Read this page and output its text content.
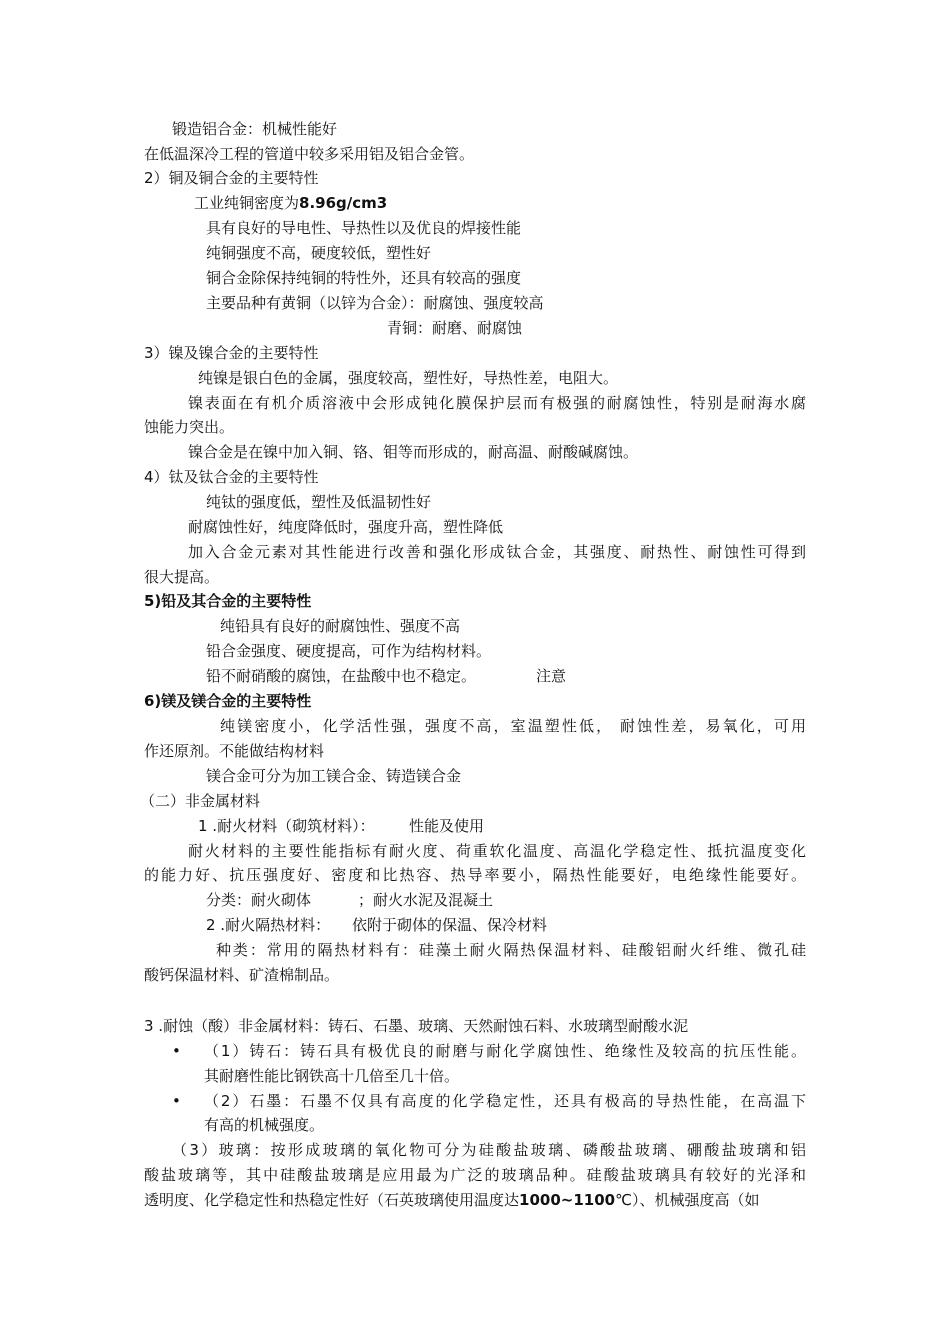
锻造铝合金：机械性能好
在低温深冷工程的管道中较多采用铝及铝合金管。
2）铜及铜合金的主要特性
工业纯铜密度为8.96g/cm3
具有良好的导电性、导热性以及优良的焊接性能
纯铜强度不高，硬度较低，塑性好
铜合金除保持纯铜的特性外，还具有较高的强度
主要品种有黄铜（以锌为合金）：耐腐蚀、强度较高
青铜：耐磨、耐腐蚀
3）镍及镍合金的主要特性
纯镍是银白色的金属，强度较高，塑性好，导热性差，电阻大。
镍表面在有机介质溶液中会形成钝化膜保护层而有极强的耐腐蚀性，特别是耐海水腐
蚀能力突出。
镍合金是在镍中加入铜、铬、钼等而形成的，耐高温、耐酸碱腐蚀。
4）钛及钛合金的主要特性
纯钛的强度低，塑性及低温韧性好
耐腐蚀性好，纯度降低时，强度升高，塑性降低
加入合金元素对其性能进行改善和强化形成钛合金，其强度、耐热性、耐蚀性可得到
很大提高。
5)铅及其合金的主要特性
纯铅具有良好的耐腐蚀性、强度不高
铅合金强度、硬度提高，可作为结构材料。
铅不耐硝酸的腐蚀，在盐酸中也不稳定。	注意
6)镁及镁合金的主要特性
纯镁密度小，化学活性强，强度不高，室温塑性低， 耐蚀性差，易氧化，可用
作还原剂。不能做结构材料
镁合金可分为加工镁合金、铸造镁合金
（二）非金属材料
1 .耐火材料（砌筑材料）： 性能及使用
耐火材料的主要性能指标有耐火度、荷重软化温度、高温化学稳定性、抵抗温度变化
的能力好、抗压强度好、密度和比热容、热导率要小，隔热性能要好，电绝缘性能要好。
分类：耐火砌体	；耐火水泥及混凝土
2 .耐火隔热材料： 依附于砌体的保温、保冷材料
种类：常用的隔热材料有：硅藻土耐火隔热保温材料、硅酸铝耐火纤维、微孔硅
酸钙保温材料、矿渣棉制品。
3 .耐蚀（酸）非金属材料：铸石、石墨、玻璃、天然耐蚀石料、水玻璃型耐酸水泥
• （1）铸石：铸石具有极优良的耐磨与耐化学腐蚀性、绝缘性及较高的抗压性能。
其耐磨性能比钢铁高十几倍至几十倍。
• （2）石墨：石墨不仅具有高度的化学稳定性，还具有极高的导热性能，在高温下
有高的机械强度。
（3）玻璃：按形成玻璃的氧化物可分为硅酸盐玻璃、磷酸盐玻璃、硼酸盐玻璃和铝
酸盐玻璃等，其中硅酸盐玻璃是应用最为广泛的玻璃品种。硅酸盐玻璃具有较好的光泽和
透明度、化学稳定性和热稳定性好（石英玻璃使用温度达1000~1100℃）、机械强度高（如
